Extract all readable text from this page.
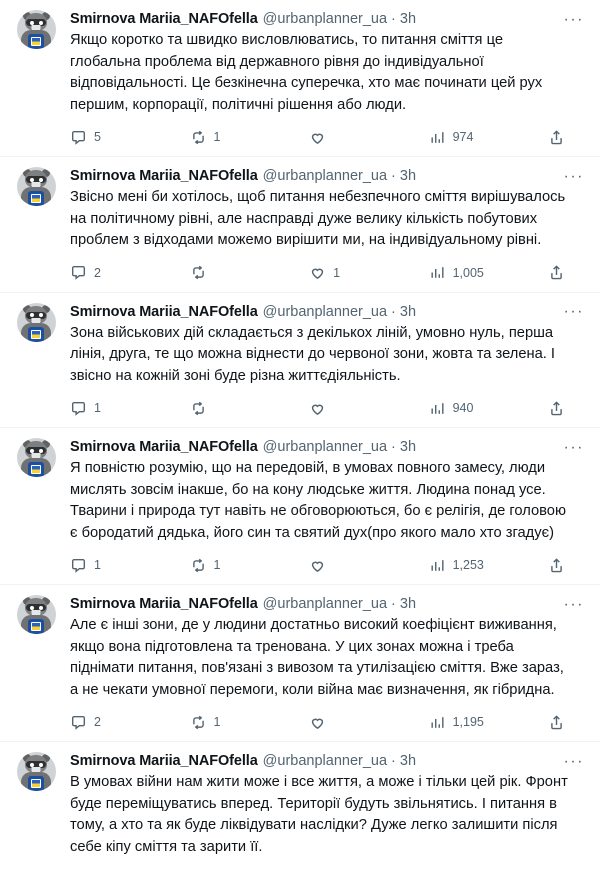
Smirnova Mariia_NAFOfella @urbanplanner_ua · 3h	···

Якщо коротко та швидко висловлюватись, то питання сміття це глобальна проблема від державного рівня до індивідуальної відповідальності. Це безкінечна суперечка, хто має починати цей рух першим, корпорації, політичні рішення або люди.

5	1	974
Smirnova Mariia_NAFOfella @urbanplanner_ua · 3h	···

Звісно мені би хотілось, щоб питання небезпечного сміття вирішувалось на політичному рівні, але насправді дуже велику кількість побутових проблем з відходами можемо вирішити ми, на індивідуальному рівні.

2	1	1,005
Smirnova Mariia_NAFOfella @urbanplanner_ua · 3h	···

Зона військових дій складається з декількох ліній, умовно нуль, перша лінія, друга, те що можна віднести до червоної зони, жовта та зелена. І звісно на кожній зоні буде різна життєдіяльність.

1	940
Smirnova Mariia_NAFOfella @urbanplanner_ua · 3h	···

Я повністю розумію, що на передовій, в умовах повного замесу, люди мислять зовсім інакше, бо на кону людське життя. Людина понад усе. Тварини і природа тут навіть не обговорюються, бо є релігія, де головою є бородатий дядька, його син та святий дух(про якого мало хто згадує)

1	1	1,253
Smirnova Mariia_NAFOfella @urbanplanner_ua · 3h	···

Але є інші зони, де у людини достатньо високий коефіцієнт виживання, якщо вона підготовлена та тренована. У цих зонах можна і треба піднімати питання, пов'язані з вивозом та утилізацією сміття. Вже зараз, а не чекати умовної перемоги, коли війна має визначення, як гібридна.

2	1	1,195
Smirnova Mariia_NAFOfella @urbanplanner_ua · 3h	···

В умовах війни нам жити може і все життя, а може і тільки цей рік. Фронт буде переміщуватись вперед. Території будуть звільнятись. І питання в тому, а хто та як буде ліквідувати наслідки? Дуже легко залишити після себе кіпу сміття та зарити її.
